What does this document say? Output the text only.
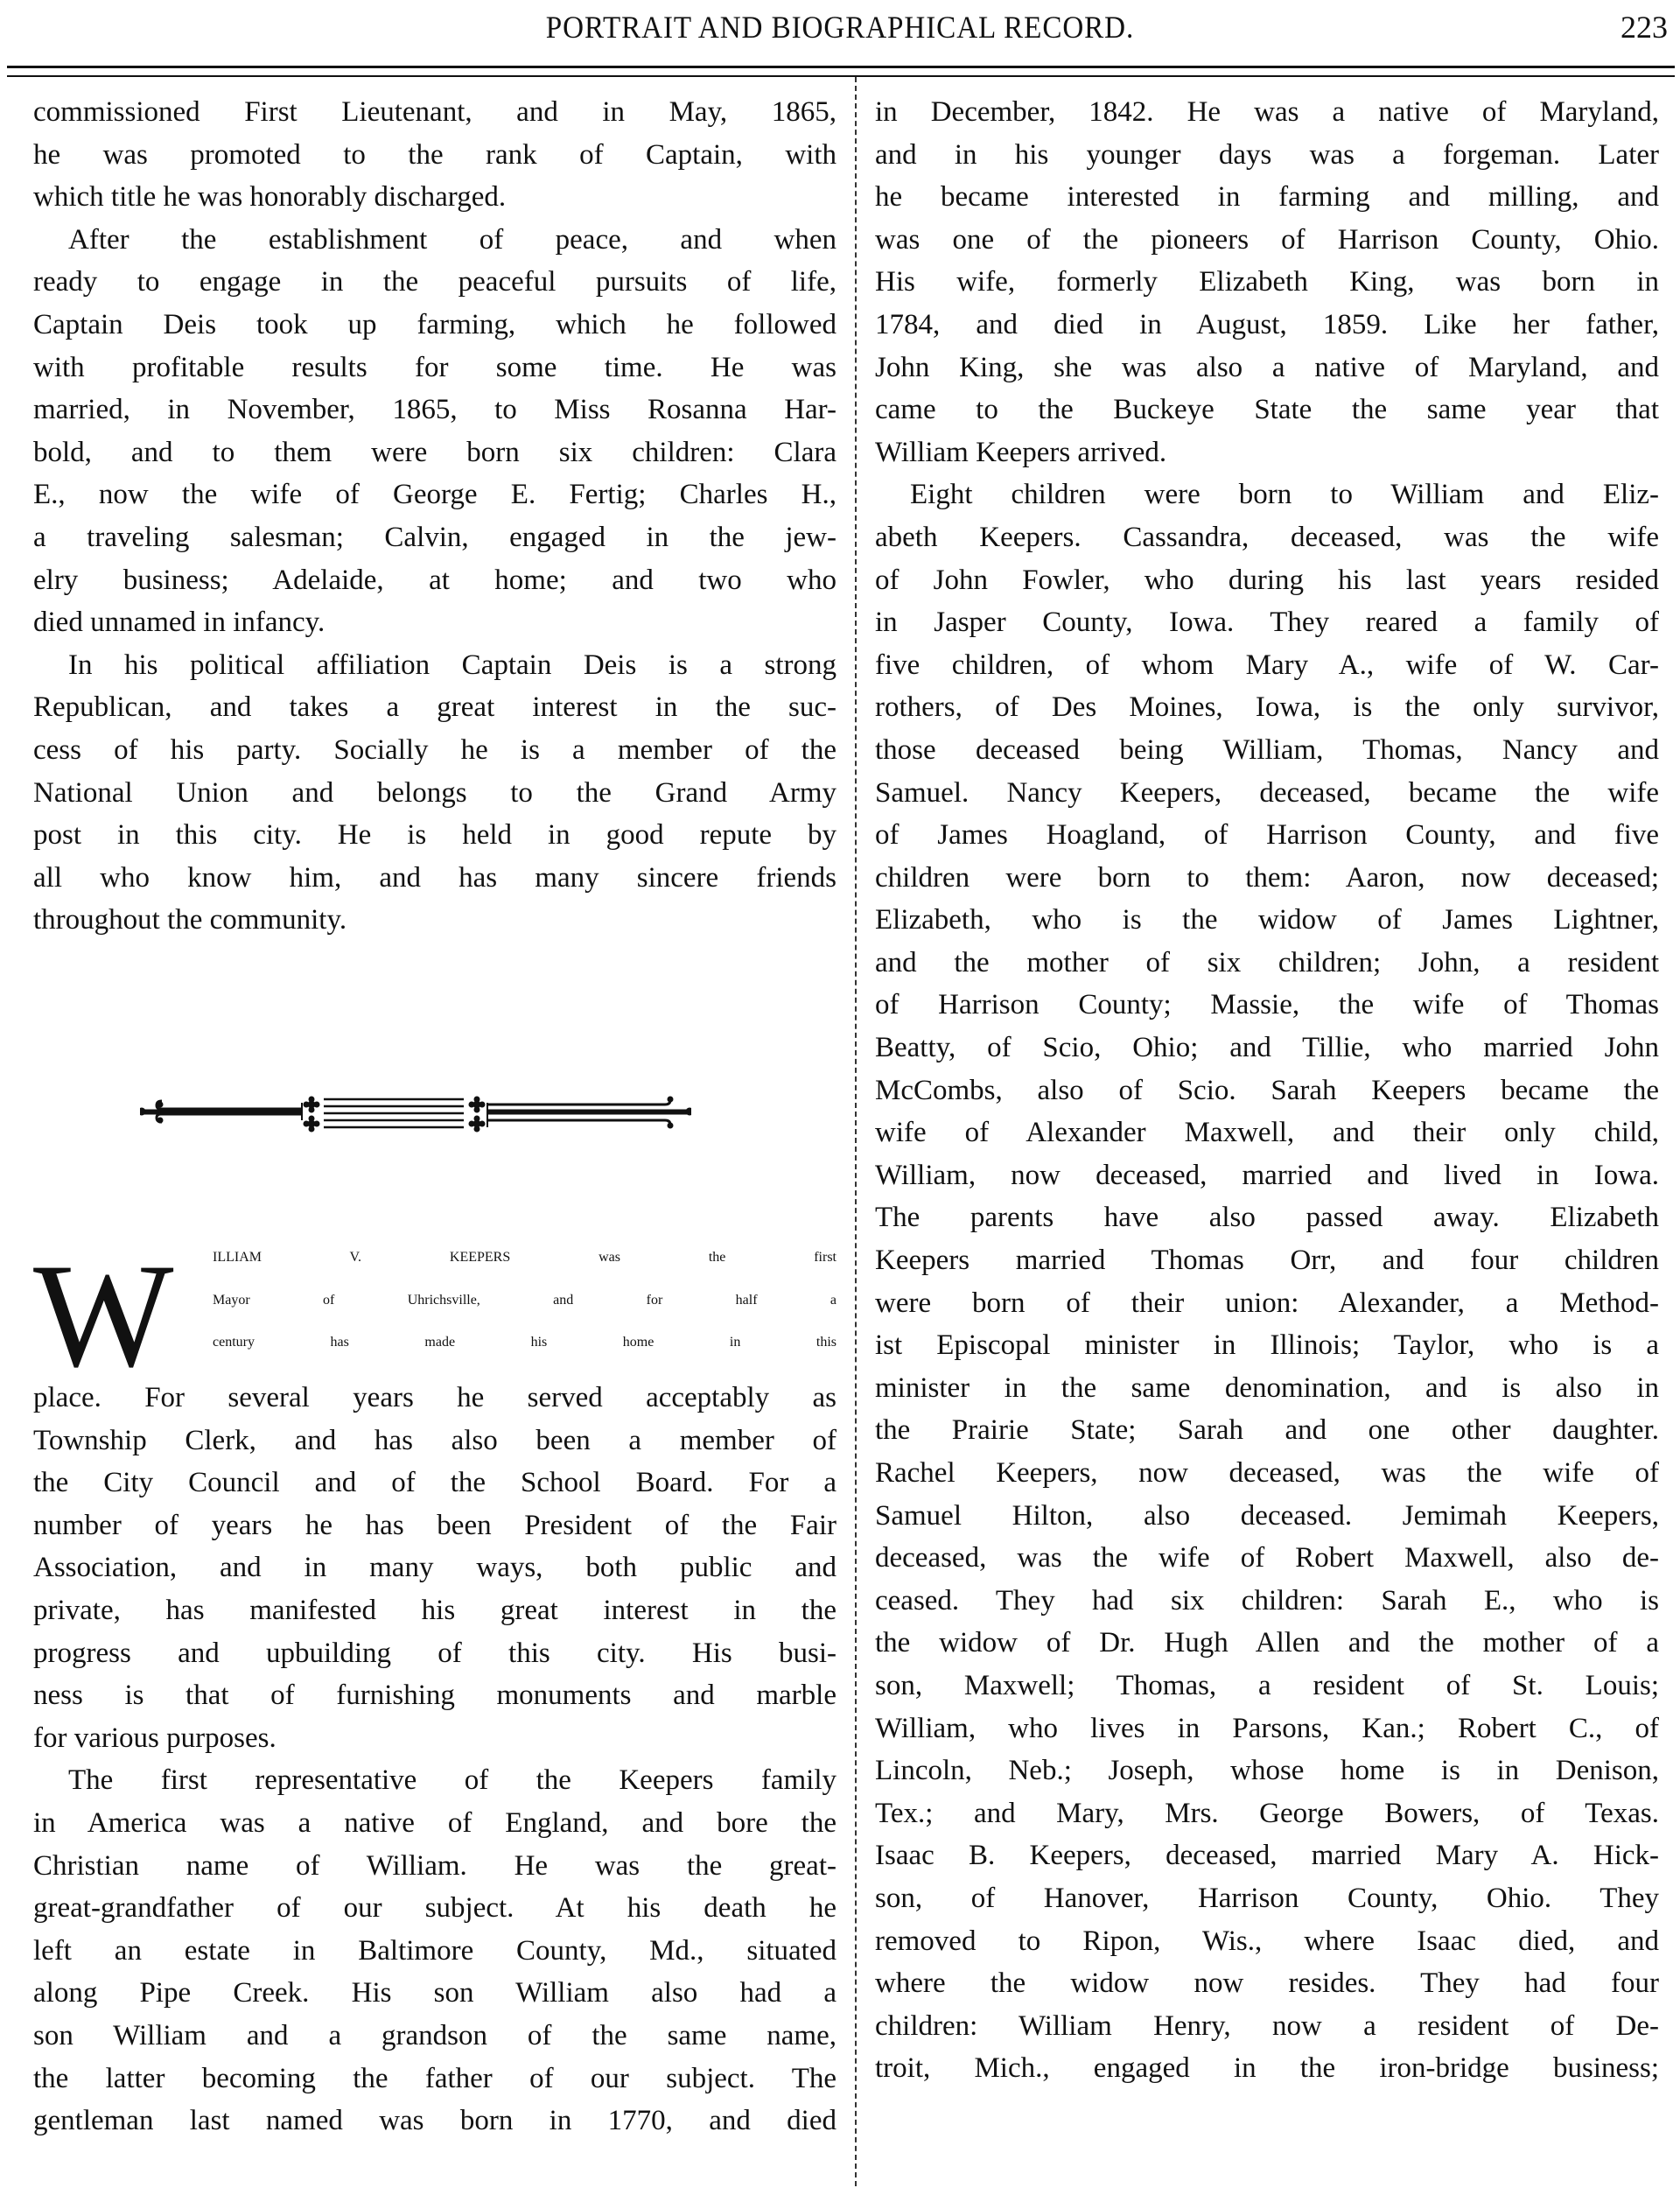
PORTRAIT AND BIOGRAPHICAL RECORD.	223
commissioned First Lieutenant, and in May, 1865,
he was promoted to the rank of Captain, with
which title he was honorably discharged.
After the establishment of peace, and when
ready to engage in the peaceful pursuits of life,
Captain Deis took up farming, which he followed
with profitable results for some time. He was
married, in November, 1865, to Miss Rosanna Har-
bold, and to them were born six children: Clara
E., now the wife of George E. Fertig; Charles H.,
a traveling salesman; Calvin, engaged in the jew-
elry business; Adelaide, at home; and two who
died unnamed in infancy.
In his political affiliation Captain Deis is a strong
Republican, and takes a great interest in the suc-
cess of his party. Socially he is a member of the
National Union and belongs to the Grand Army
post in this city. He is held in good repute by
all who know him, and has many sincere friends
throughout the community.
W	ILLIAM V. KEEPERS was the first
Mayor of Uhrichsville, and for half a
century has made his home in this
place. For several years he served acceptably as
Township Clerk, and has also been a member of
the City Council and of the School Board. For a
number of years he has been President of the Fair
Association, and in many ways, both public and
private, has manifested his great interest in the
progress and upbuilding of this city. His busi-
ness is that of furnishing monuments and marble
for various purposes.
The first representative of the Keepers family
in America was a native of England, and bore the
Christian name of William. He was the great-
great-grandfather of our subject. At his death he
left an estate in Baltimore County, Md., situated
along Pipe Creek. His son William also had a
son William and a grandson of the same name,
the latter becoming the father of our subject. The
gentleman last named was born in 1770, and died
in December, 1842. He was a native of Maryland,
and in his younger days was a forgeman. Later
he became interested in farming and milling, and
was one of the pioneers of Harrison County, Ohio.
His wife, formerly Elizabeth King, was born in
1784, and died in August, 1859. Like her father,
John King, she was also a native of Maryland, and
came to the Buckeye State the same year that
William Keepers arrived.
Eight children were born to William and Eliz-
abeth Keepers. Cassandra, deceased, was the wife
of John Fowler, who during his last years resided
in Jasper County, Iowa. They reared a family of
five children, of whom Mary A., wife of W. Car-
rothers, of Des Moines, Iowa, is the only survivor,
those deceased being William, Thomas, Nancy and
Samuel. Nancy Keepers, deceased, became the wife
of James Hoagland, of Harrison County, and five
children were born to them: Aaron, now deceased;
Elizabeth, who is the widow of James Lightner,
and the mother of six children; John, a resident
of Harrison County; Massie, the wife of Thomas
Beatty, of Scio, Ohio; and Tillie, who married John
McCombs, also of Scio. Sarah Keepers became the
wife of Alexander Maxwell, and their only child,
William, now deceased, married and lived in Iowa.
The parents have also passed away. Elizabeth
Keepers married Thomas Orr, and four children
were born of their union: Alexander, a Method-
ist Episcopal minister in Illinois; Taylor, who is a
minister in the same denomination, and is also in
the Prairie State; Sarah and one other daughter.
Rachel Keepers, now deceased, was the wife of
Samuel Hilton, also deceased. Jemimah Keepers,
deceased, was the wife of Robert Maxwell, also de-
ceased. They had six children: Sarah E., who is
the widow of Dr. Hugh Allen and the mother of a
son, Maxwell; Thomas, a resident of St. Louis;
William, who lives in Parsons, Kan.; Robert C., of
Lincoln, Neb.; Joseph, whose home is in Denison,
Tex.; and Mary, Mrs. George Bowers, of Texas.
Isaac B. Keepers, deceased, married Mary A. Hick-
son, of Hanover, Harrison County, Ohio. They
removed to Ripon, Wis., where Isaac died, and
where the widow now resides. They had four
children: William Henry, now a resident of De-
troit, Mich., engaged in the iron-bridge business;
